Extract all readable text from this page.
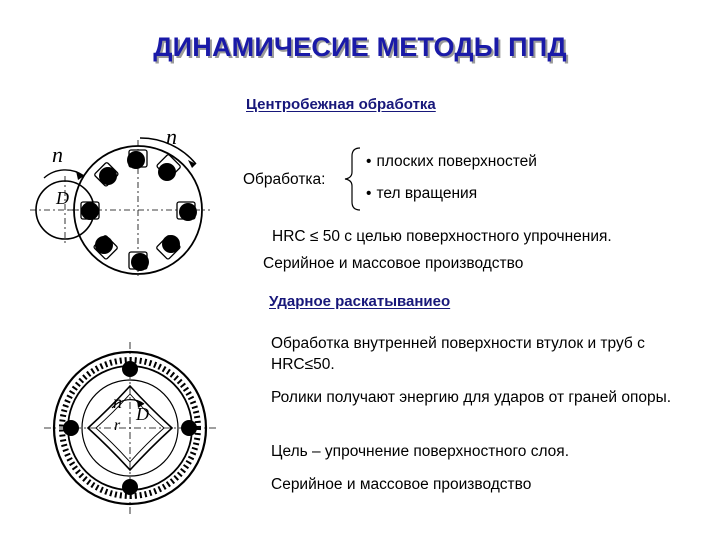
ДИНАМИЧЕСИЕ МЕТОДЫ ППД
Центробежная обработка
n
n
D
Обработка:
• плоских поверхностей
• тел вращения
HRC ≤ 50 с целью поверхностного упрочнения.
Серийное и массовое производство
Ударное раскатываниео
n
D
r
Обработка внутренней поверхности втулок и труб с HRC≤50.
Ролики получают энергию для ударов от граней опоры.
Цель – упрочнение поверхностного слоя.
Серийное и массовое производство
